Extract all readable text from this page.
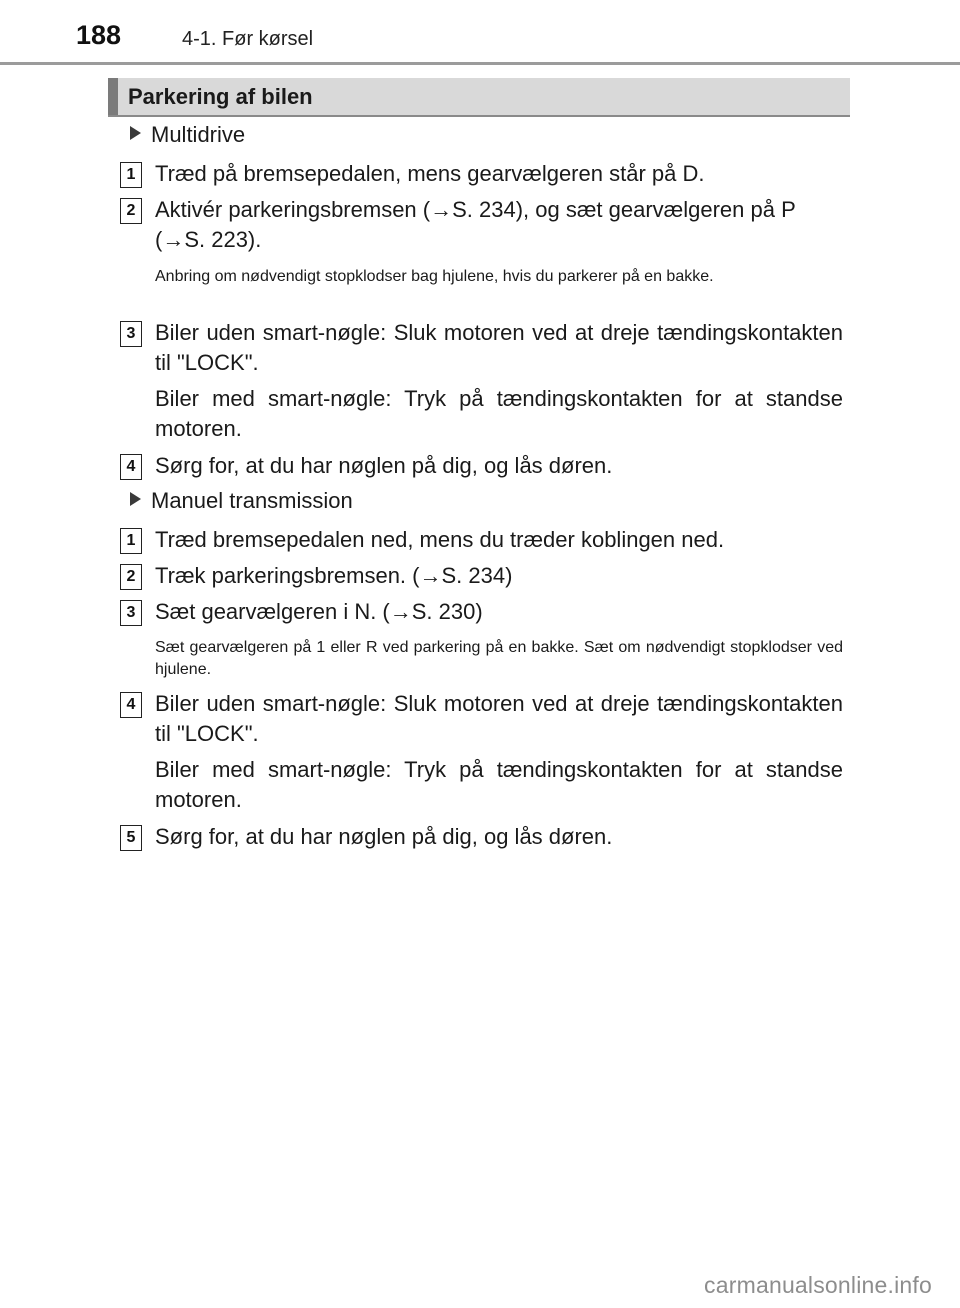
188	4-1. Før kørsel
Parkering af bilen
Multidrive
1 Træd på bremsepedalen, mens gearvælgeren står på D.
2 Aktivér parkeringsbremsen (→S. 234), og sæt gearvælgeren på P
(→S. 223).
Anbring om nødvendigt stopklodser bag hjulene, hvis du parkerer på en bakke.
3 Biler uden smart-nøgle: Sluk motoren ved at dreje tændingskontakten til "LOCK".
Biler med smart-nøgle: Tryk på tændingskontakten for at standse motoren.
4 Sørg for, at du har nøglen på dig, og lås døren.
Manuel transmission
1 Træd bremsepedalen ned, mens du træder koblingen ned.
2 Træk parkeringsbremsen. (→S. 234)
3 Sæt gearvælgeren i N. (→S. 230)
Sæt gearvælgeren på 1 eller R ved parkering på en bakke. Sæt om nødvendigt stopklodser ved hjulene.
4 Biler uden smart-nøgle: Sluk motoren ved at dreje tændingskontakten til "LOCK".
Biler med smart-nøgle: Tryk på tændingskontakten for at standse motoren.
5 Sørg for, at du har nøglen på dig, og lås døren.
carmanualsonline.info
